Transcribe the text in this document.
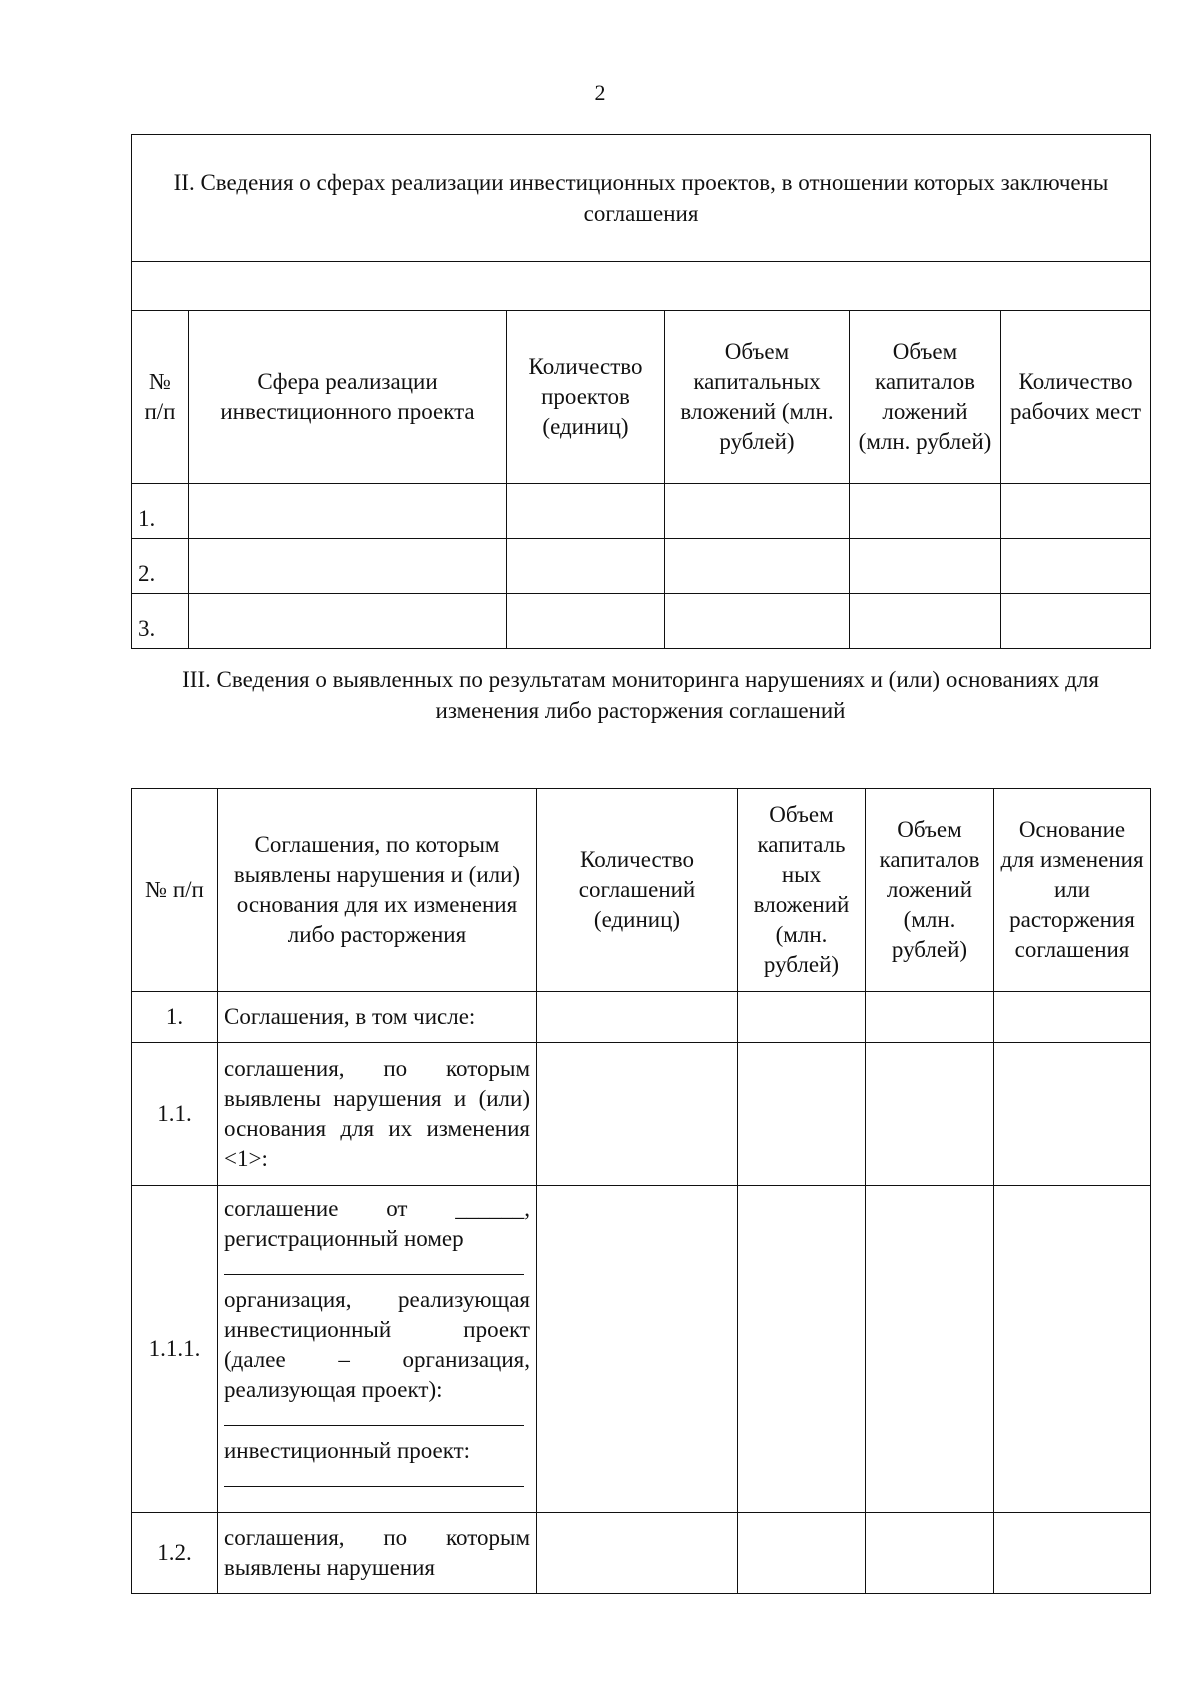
2
II. Сведения о сферах реализации инвестиционных проектов, в отношении которых заключены соглашения					

№ п/п	Сфера реализации инвестиционного проекта	Количество проектов (единиц)	Объем капитальных вложений (млн. рублей)	Объем капиталов ложений (млн. рублей)	Количество рабочих мест
1.					
2.					
3.					
III. Сведения о выявленных по результатам мониторинга нарушениях и (или) основаниях для изменения либо расторжения соглашений
№ п/п	Соглашения, по которым выявлены нарушения и (или) основания для их изменения либо расторжения	Количество соглашений (единиц)	Объем капиталь ных вложений (млн. рублей)	Объем капиталов ложений (млн. рублей)	Основание для изменения или расторжения соглашения
1.	Соглашения, в том числе:				
1.1.	соглашения, по которым выявлены нарушения и (или) основания для их изменения <1>:				
1.1.1.	соглашение от ______, регистрационный номер
организация, реализующая инвестиционный проект (далее – организация, реализующая проект):
инвестиционный проект:				

1.2.	соглашения, по которым выявлены нарушения				
